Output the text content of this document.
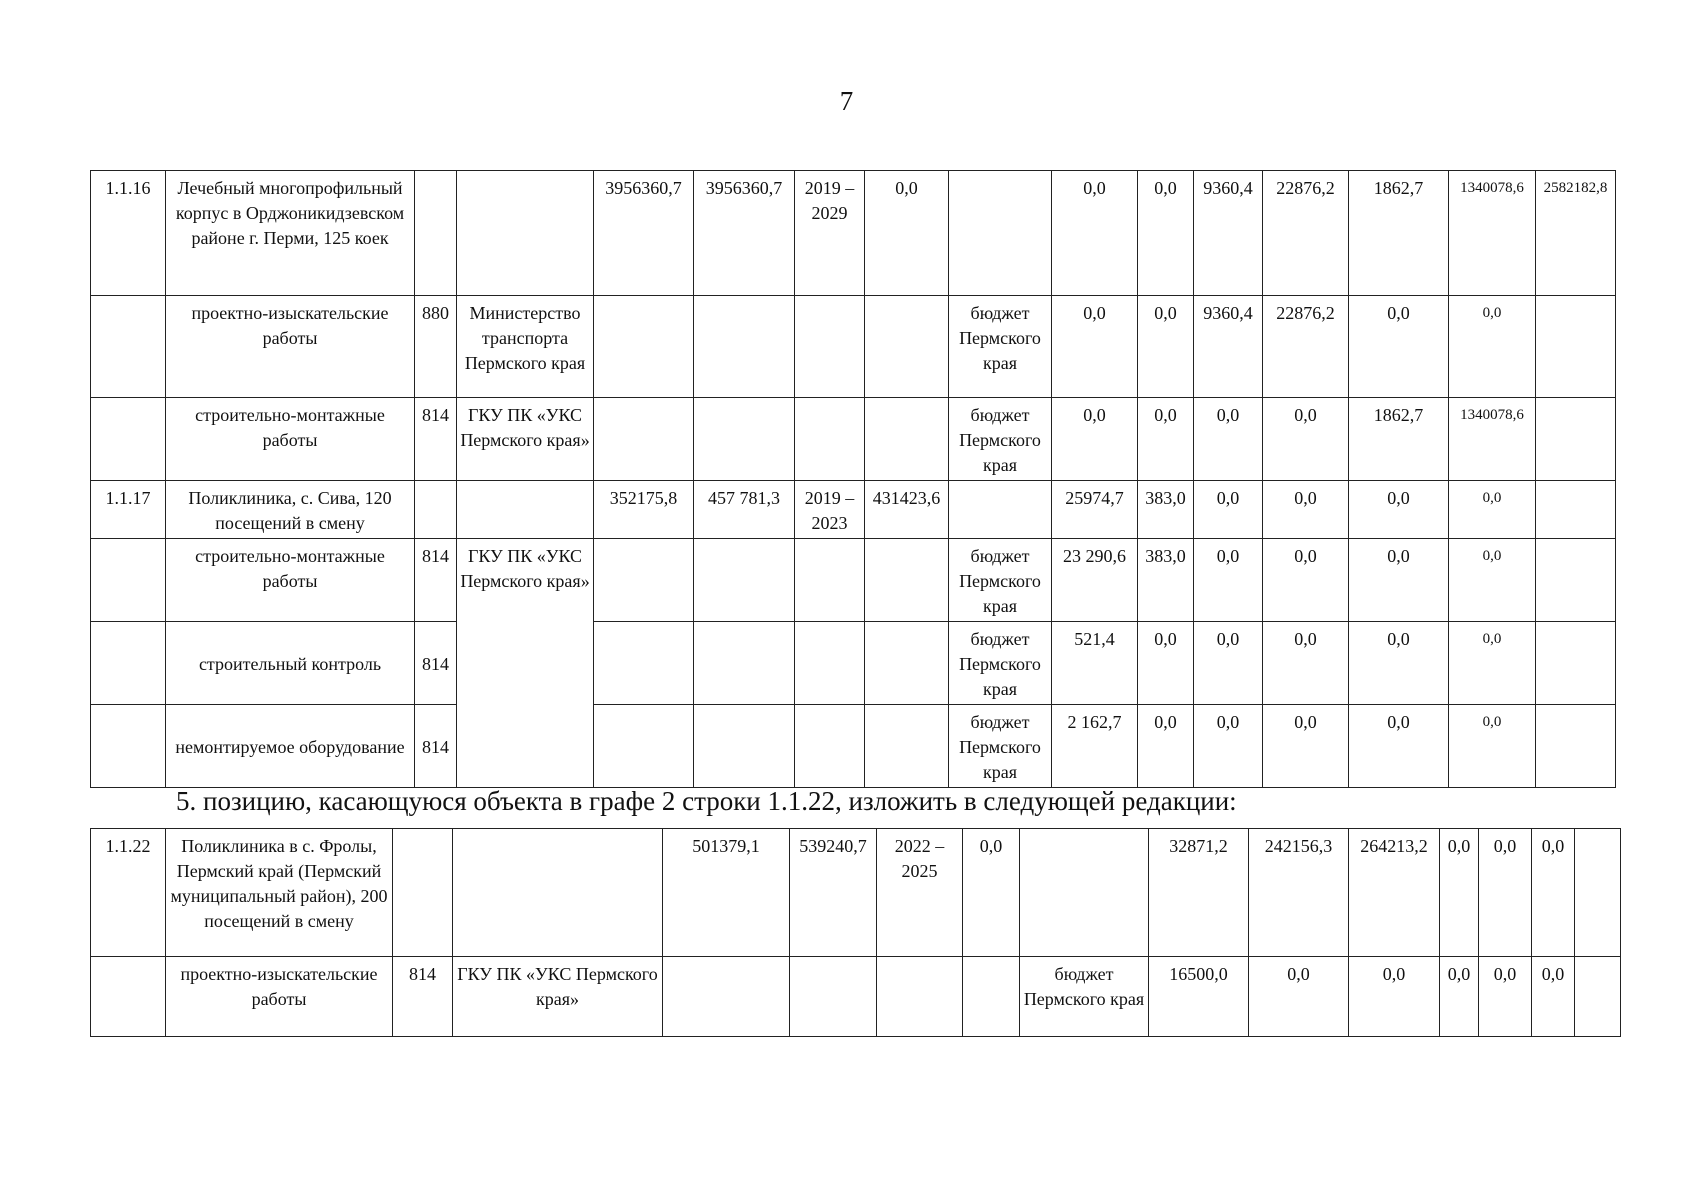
7
1.1.16	Лечебный многопрофильный корпус в Орджоникидзевском районе г. Перми, 125 коек			3956360,7	3956360,7	2019 – 2029	0,0		0,0	0,0	9360,4	22876,2	1862,7	1340078,6	2582182,8
	проектно-изыскательские работы	880	Министерство транспорта Пермского края					бюджет Пермского края	0,0	0,0	9360,4	22876,2	0,0	0,0	
	строительно-монтажные работы	814	ГКУ ПК «УКС Пермского края»					бюджет Пермского края	0,0	0,0	0,0	0,0	1862,7	1340078,6	
1.1.17	Поликлиника, с. Сива, 120 посещений в смену			352175,8	457 781,3	2019 – 2023	431423,6		25974,7	383,0	0,0	0,0	0,0	0,0	
	строительно-монтажные работы	814	ГКУ ПК «УКС Пермского края»					бюджет Пермского края	23 290,6	383,0	0,0	0,0	0,0	0,0	
	строительный контроль	814						бюджет Пермского края	521,4	0,0	0,0	0,0	0,0	0,0	
	немонтируемое оборудование	814						бюджет Пермского края	2 162,7	0,0	0,0	0,0	0,0	0,0	
5. позицию, касающуюся объекта в графе 2 строки 1.1.22, изложить в следующей редакции:
1.1.22	Поликлиника в с. Фролы, Пермский край (Пермский муниципальный район), 200 посещений в смену			501379,1	539240,7	2022 – 2025	0,0		32871,2	242156,3	264213,2	0,0	0,0	0,0	
	проектно-изыскательские работы	814	ГКУ ПК «УКС Пермского края»					бюджет Пермского края	16500,0	0,0	0,0	0,0	0,0	0,0	
